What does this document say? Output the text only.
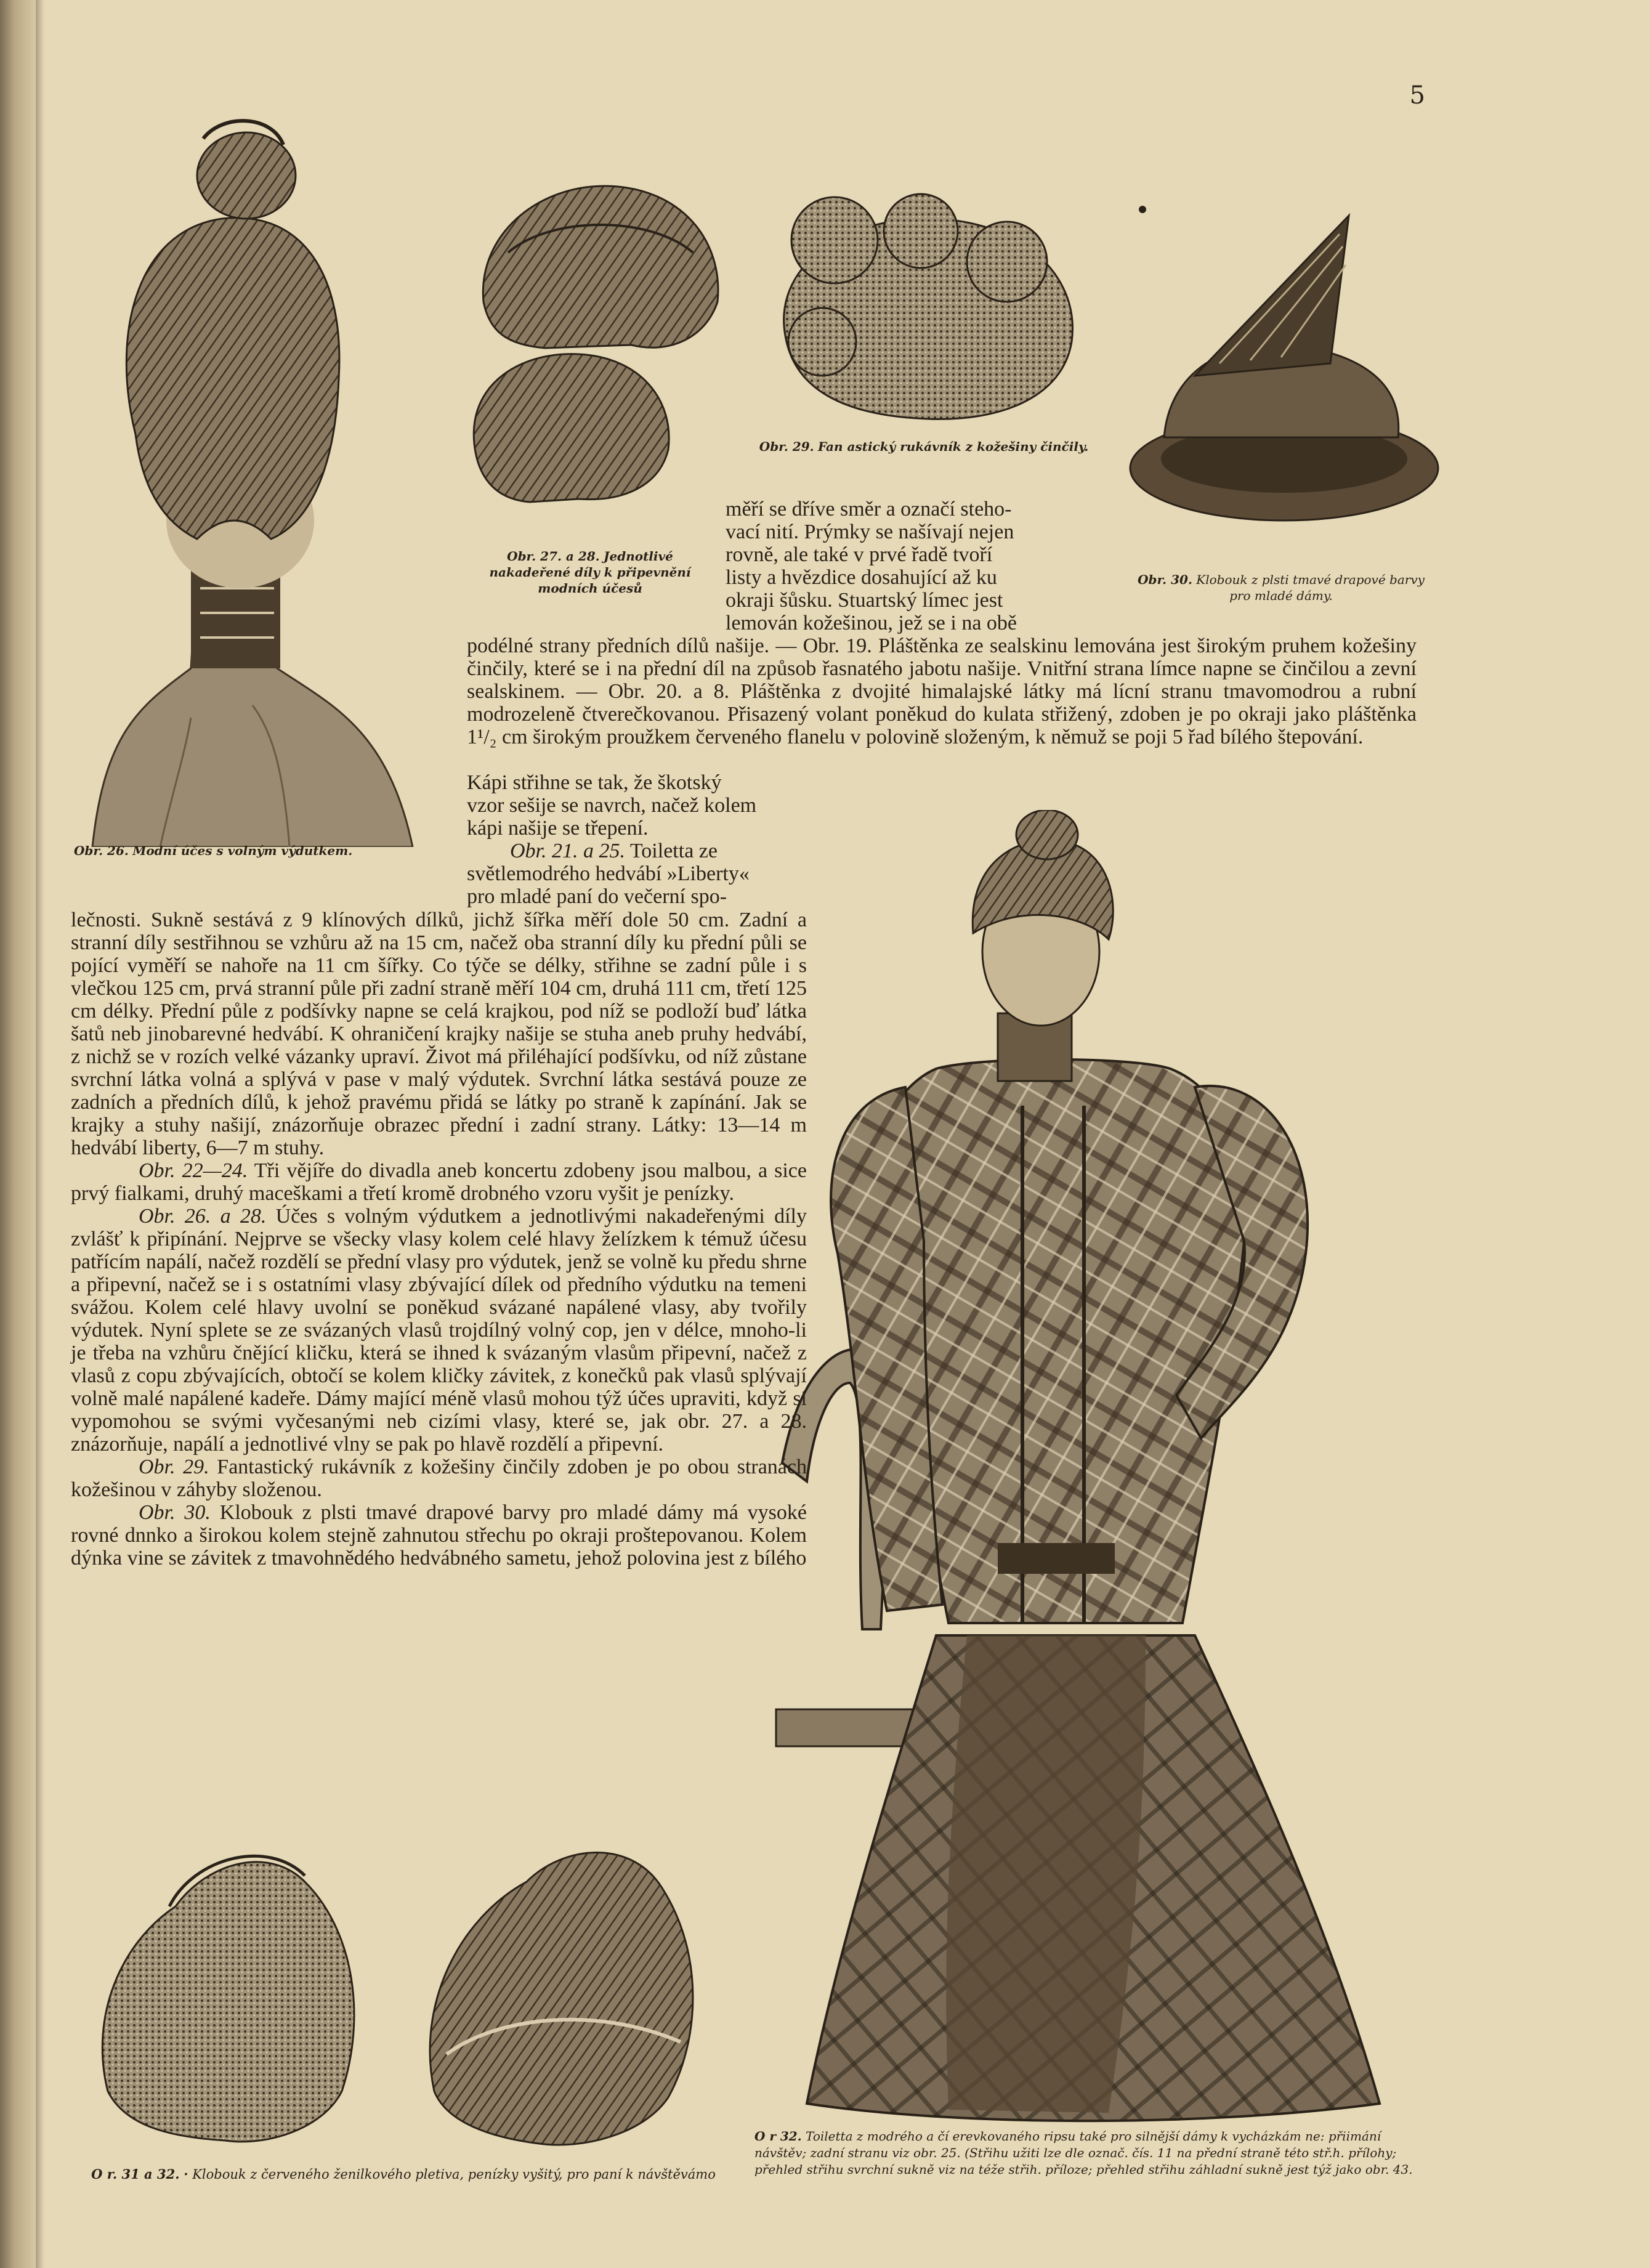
5
Obr. 26. Modní účes s volným výdutkem.
Obr. 27. a 28. Jednotlivé nakadeřené díly k připevnění modních účesů
Obr. 29. Fan astický rukávník z kožešiny činčily.
Obr. 30. Klobouk z plsti tmavé drapové barvy pro mladé dámy.
O r 32. Toiletta z modrého a čí erevkovaného ripsu také pro silnější dámy k vycházkám ne: přiimání návštěv; zadní stranu viz obr. 25. (Střihu užiti lze dle označ. čís. 11 na přední straně této stř.h. přílohy; přehled střihu svrchní sukně viz na téže střih. příloze; přehled střihu záhladní sukně jest týž jako obr. 43.
O r. 31 a 32. · Klobouk z červeného ženilkového pletiva, penízky vyšitý, pro paní k návštěvámo

měří se dříve směr a označí steho-

vací nití. Prýmky se našívají nejen

rovně, ale také v prvé řadě tvoří

listy a hvězdice dosahující až ku

okraji šůsku. Stuartský límec jest

lemován kožešinou, jež se i na obě

podélné strany předních dílů našije. — Obr. 19. Pláštěnka ze sealskinu lemována jest širokým pruhem kožešiny činčily, které se i na přední díl na způsob řasnatého jabotu našije. Vnitřní strana límce napne se činčilou a zevní sealskinem. — Obr. 20. a 8. Pláštěnka z dvojité himalajské látky má lícní stranu tmavomodrou a rubní modrozeleně čtverečkovanou. Přisazený volant poněkud do kulata střižený, zdoben je po okraji jako pláštěnka 1¹/₂ cm širokým proužkem červeného flanelu v polovině složeným, k němuž se poji 5 řad bílého štepování.

Kápi střihne se tak, že škotský

vzor sešije se navrch, načež kolem

kápi našije se třepení.

Obr. 21. a 25. Toiletta ze

světlemodrého hedvábí »Liberty«

pro mladé paní do večerní spo-

lečnosti. Sukně sestává z 9 klínových dílků, jichž šířka měří dole 50 cm. Zadní a stranní díly sestřihnou se vzhůru až na 15 cm, načež oba stranní díly ku přední půli se pojící vyměří se nahoře na 11 cm šířky. Co týče se délky, střihne se zadní půle i s vlečkou 125 cm, prvá stranní půle při zadní straně měří 104 cm, druhá 111 cm, třetí 125 cm délky. Přední půle z podšívky napne se celá krajkou, pod níž se podloží buď látka šatů neb jinobarevné hedvábí. K ohraničení krajky našije se stuha aneb pruhy hedvábí, z nichž se v rozích velké vázanky upraví. Život má přiléhající podšívku, od níž zůstane svrchní látka volná a splývá v pase v malý výdutek. Svrchní látka sestává pouze ze zadních a předních dílů, k jehož pravému přidá se látky po straně k zapínání. Jak se krajky a stuhy našijí, znázorňuje obrazec přední i zadní strany. Látky: 13—14 m hedvábí liberty, 6—7 m stuhy.

Obr. 22—24. Tři vějíře do divadla aneb koncertu zdobeny jsou malbou, a sice prvý fialkami, druhý maceškami a třetí kromě drobného vzoru vyšit je penízky.

Obr. 26. a 28. Účes s volným výdutkem a jednotlivými nakadeřenými díly zvlášť k připínání. Nejprve se všecky vlasy kolem celé hlavy želízkem k témuž účesu patřícím napálí, načež rozdělí se přední vlasy pro výdutek, jenž se volně ku předu shrne a připevní, načež se i s ostatními vlasy zbývající dílek od předního výdutku na temeni svážou. Kolem celé hlavy uvolní se poněkud svázané napálené vlasy, aby tvořily výdutek. Nyní splete se ze svázaných vlasů trojdílný volný cop, jen v délce, mnoho-li je třeba na vzhůru čnějící kličku, která se ihned k svázaným vlasům připevní, načež z vlasů z copu zbývajících, obtočí se kolem kličky závitek, z konečků pak vlasů splývají volně malé napálené kadeře. Dámy mající méně vlasů mohou týž účes upraviti, když si vypomohou se svými vyčesanými neb cizími vlasy, které se, jak obr. 27. a 28. znázorňuje, napálí a jednotlivé vlny se pak po hlavě rozdělí a připevní.

Obr. 29. Fantastický rukávník z kožešiny činčily zdoben je po obou stranách kožešinou v záhyby složenou.

Obr. 30. Klobouk z plsti tmavé drapové barvy pro mladé dámy má vysoké rovné dnnko a širokou kolem stejně zahnutou střechu po okraji proštepovanou. Kolem dýnka vine se závitek z tmavohnědého hedvábného sametu, jehož polovina jest z bílého
